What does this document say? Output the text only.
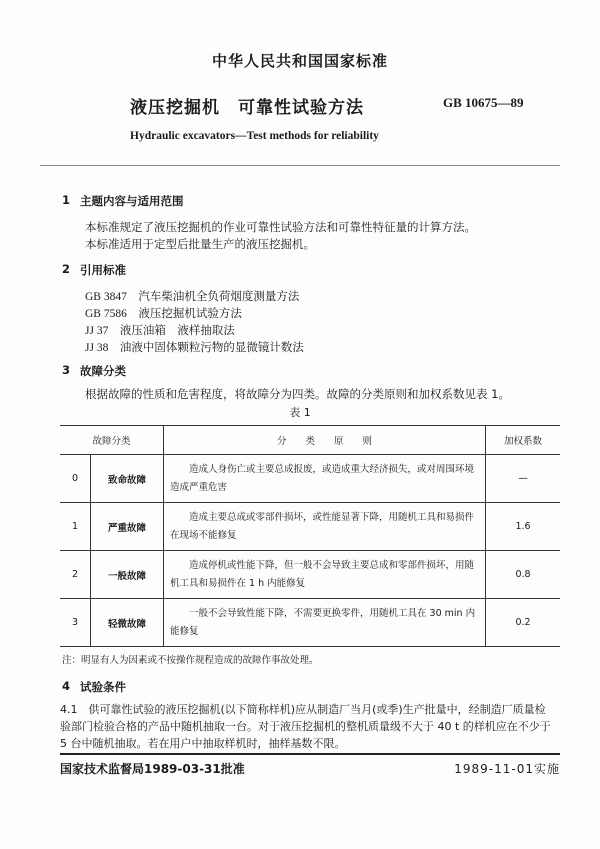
中华人民共和国国家标准
液压挖掘机　可靠性试验方法	GB 10675—89
Hydraulic excavators—Test methods for reliability
1 主题内容与适用范围
本标准规定了液压挖掘机的作业可靠性试验方法和可靠性特征量的计算方法。
本标准适用于定型后批量生产的液压挖掘机。
2 引用标准
GB 3847　 汽车柴油机全负荷烟度测量方法
GB 7586　 液压挖掘机试验方法
JJ 37　 液压油箱　液样抽取法
JJ 38　 油液中固体颗粒污物的显微镜计数法
3 故障分类
根据故障的性质和危害程度，将故障分为四类。故障的分类原则和加权系数见表 1。
表 1
故障分类		分　　类　　原　　则	加权系数
0	致命故障	造成人身伤亡或主要总成报废，或造成重大经济损失，或对周围环境造成严重危害	—
1	严重故障	造成主要总成或零部件损坏，或性能显著下降，用随机工具和易损件在现场不能修复	1.6
2	一般故障	造成停机或性能下降，但一般不会导致主要总成和零部件损坏，用随机工具和易损件在 1 h 内能修复	0.8
3	轻微故障	一般不会导致性能下降，不需要更换零件，用随机工具在 30 min 内能修复	0.2
注：明显有人为因素或不按操作规程造成的故障作事故处理。
4 试验条件
4.1　供可靠性试验的液压挖掘机(以下简称样机)应从制造厂当月(或季)生产批量中，经制造厂质量检
验部门检验合格的产品中随机抽取一台。对于液压挖掘机的整机质量级不大于 40 t 的样机应在不少于
5 台中随机抽取。若在用户中抽取样机时，抽样基数不限。
国家技术监督局1989-03-31批准	1989-11-01实施
